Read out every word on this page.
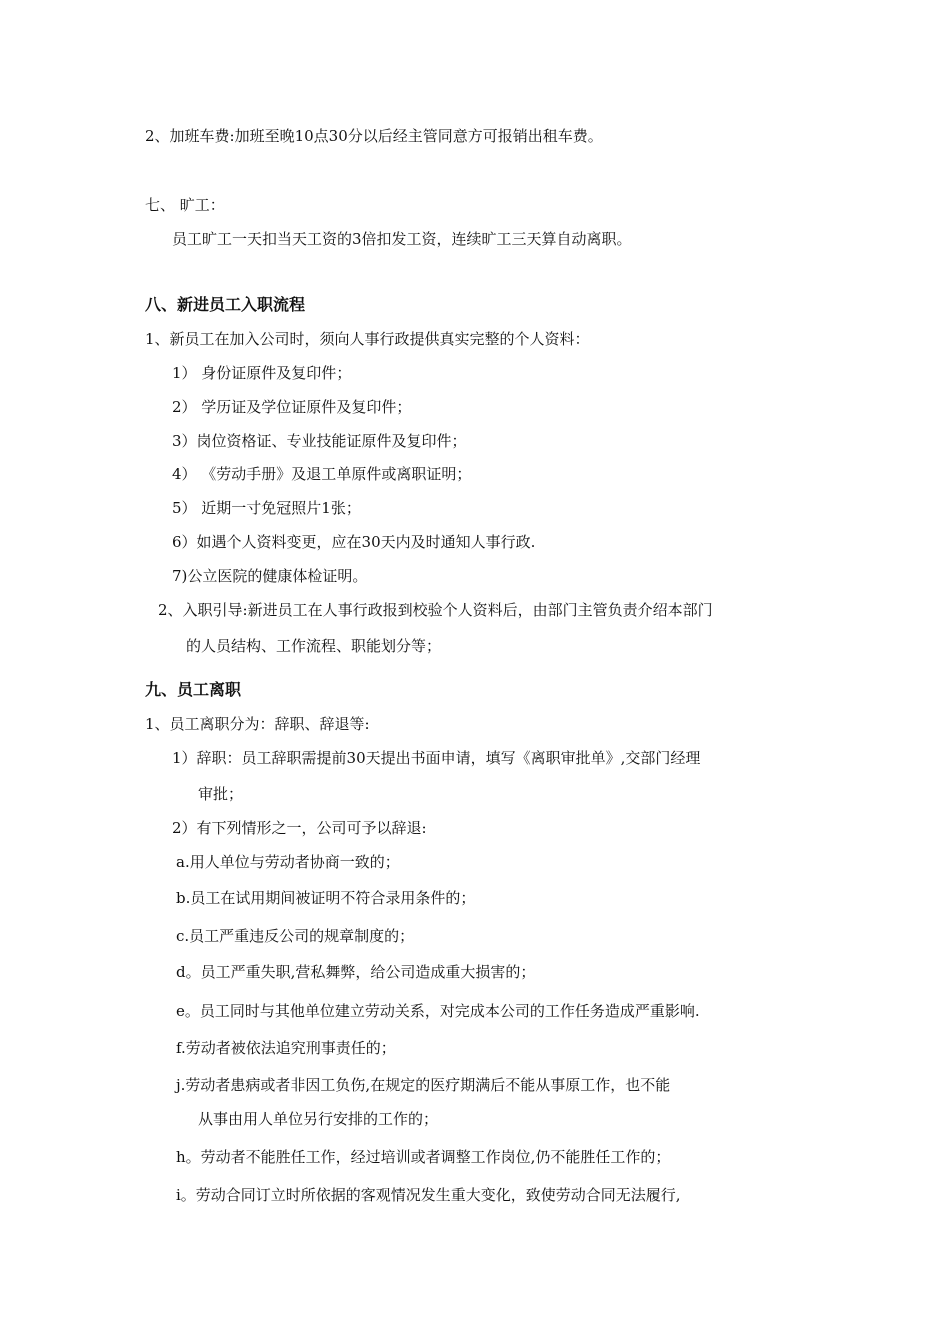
2、加班车费:加班至晚10点30分以后经主管同意方可报销出租车费。
七、 旷工：
员工旷工一天扣当天工资的3倍扣发工资，连续旷工三天算自动离职。
八、新进员工入职流程
1、新员工在加入公司时，须向人事行政提供真实完整的个人资料：
1） 身份证原件及复印件；
2） 学历证及学位证原件及复印件；
3）岗位资格证、专业技能证原件及复印件；
4） 《劳动手册》及退工单原件或离职证明；
5） 近期一寸免冠照片1张；
6）如遇个人资料变更，应在30天内及时通知人事行政.
7)公立医院的健康体检证明。
2、入职引导:新进员工在人事行政报到校验个人资料后，由部门主管负责介绍本部门
的人员结构、工作流程、职能划分等；
九、员工离职
1、员工离职分为：辞职、辞退等:
1）辞职：员工辞职需提前30天提出书面申请，填写《离职审批单》,交部门经理
审批；
2）有下列情形之一，公司可予以辞退:
a.用人单位与劳动者协商一致的；
b.员工在试用期间被证明不符合录用条件的；
c.员工严重违反公司的规章制度的；
d。员工严重失职,营私舞弊，给公司造成重大损害的；
e。员工同时与其他单位建立劳动关系，对完成本公司的工作任务造成严重影响.
f.劳动者被依法追究刑事责任的；
j.劳动者患病或者非因工负伤,在规定的医疗期满后不能从事原工作，也不能
从事由用人单位另行安排的工作的；
h。劳动者不能胜任工作，经过培训或者调整工作岗位,仍不能胜任工作的；
i。劳动合同订立时所依据的客观情况发生重大变化，致使劳动合同无法履行,
